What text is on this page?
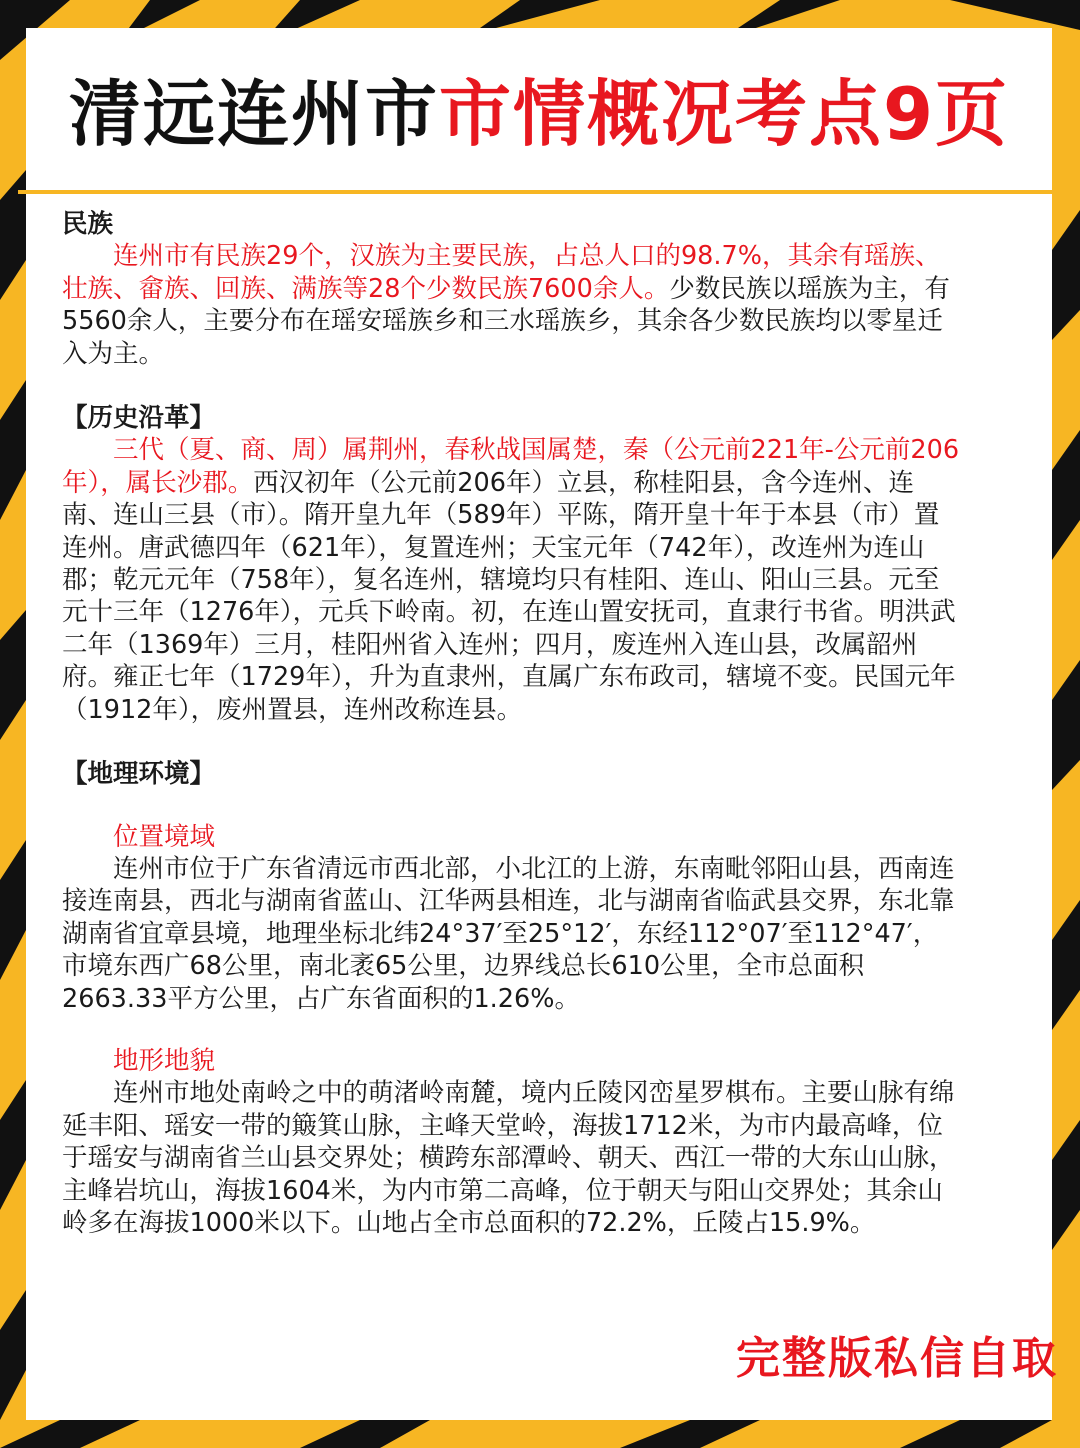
清远连州市 市情概况考点9页

民族

连州市有民族29个，汉族为主要民族，占总人口的98.7%，其余有瑶族、壮族、畲族、回族、满族等28个少数民族7600余人。少数民族以瑶族为主，有5560余人，主要分布在瑶安瑶族乡和三水瑶族乡，其余各少数民族均以零星迁入为主。

【历史沿革】

三代（夏、商、周）属荆州，春秋战国属楚，秦（公元前221年-公元前206年），属长沙郡。西汉初年（公元前206年）立县，称桂阳县，含今连州、连南、连山三县（市）。隋开皇九年（589年）平陈，隋开皇十年于本县（市）置连州。唐武德四年（621年），复置连州；天宝元年（742年），改连州为连山郡；乾元元年（758年），复名连州，辖境均只有桂阳、连山、阳山三县。元至元十三年（1276年），元兵下岭南。初，在连山置安抚司，直隶行书省。明洪武二年（1369年）三月，桂阳州省入连州；四月，废连州入连山县，改属韶州府。雍正七年（1729年），升为直隶州，直属广东布政司，辖境不变。民国元年（1912年），废州置县，连州改称连县。

【地理环境】

位置境域

连州市位于广东省清远市西北部，小北江的上游，东南毗邻阳山县，西南连接连南县，西北与湖南省蓝山、江华两县相连，北与湖南省临武县交界，东北靠湖南省宜章县境，地理坐标北纬24°37′至25°12′，东经112°07′至112°47′，市境东西广68公里，南北袤65公里，边界线总长610公里，全市总面积2663.33平方公里，占广东省面积的1.26%。

地形地貌

连州市地处南岭之中的萌渚岭南麓，境内丘陵冈峦星罗棋布。主要山脉有绵延丰阳、瑶安一带的簸箕山脉，主峰天堂岭，海拔1712米，为市内最高峰，位于瑶安与湖南省兰山县交界处；横跨东部潭岭、朝天、西江一带的大东山山脉，主峰岩坑山，海拔1604米，为内市第二高峰，位于朝天与阳山交界处；其余山岭多在海拔1000米以下。山地占全市总面积的72.2%，丘陵占15.9%。

完整版私信自取
